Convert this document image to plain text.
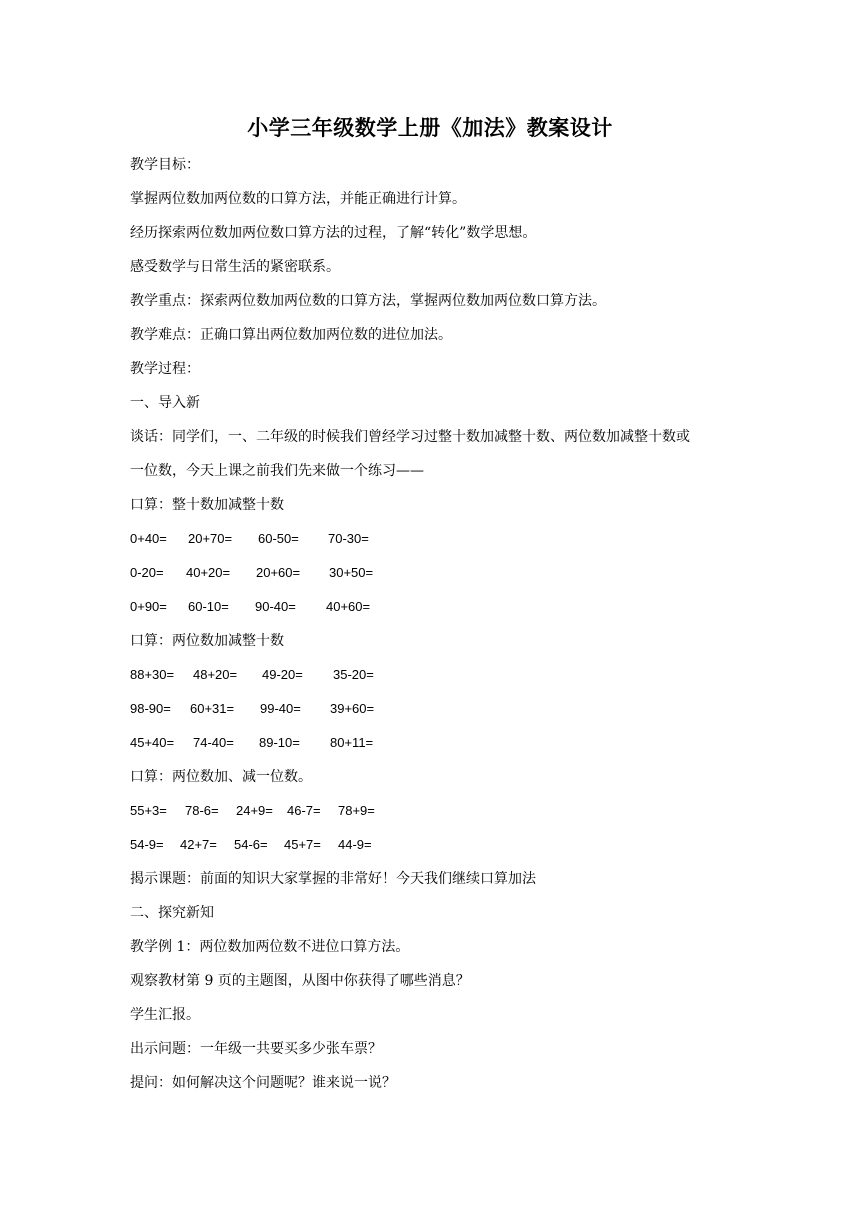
小学三年级数学上册《加法》教案设计
教学目标：
掌握两位数加两位数的口算方法，并能正确进行计算。
经历探索两位数加两位数口算方法的过程，了解“转化”数学思想。
感受数学与日常生活的紧密联系。
教学重点：探索两位数加两位数的口算方法，掌握两位数加两位数口算方法。
教学难点：正确口算出两位数加两位数的进位加法。
教学过程：
一、导入新
谈话：同学们，一、二年级的时候我们曾经学习过整十数加减整十数、两位数加减整十数或
一位数，今天上课之前我们先来做一个练习——
口算：整十数加减整十数
0+40= 20+70= 60-50= 70-30=
0-20= 40+20= 20+60= 30+50=
0+90= 60-10= 90-40= 40+60=
口算：两位数加减整十数
88+30= 48+20= 49-20= 35-20=
98-90= 60+31= 99-40= 39+60=
45+40= 74-40= 89-10= 80+11=
口算：两位数加、减一位数。
55+3= 78-6= 24+9= 46-7= 78+9=
54-9= 42+7= 54-6= 45+7= 44-9=
揭示课题：前面的知识大家掌握的非常好！今天我们继续口算加法
二、探究新知
教学例 1：两位数加两位数不进位口算方法。
观察教材第 9 页的主题图，从图中你获得了哪些消息？
学生汇报。
出示问题：一年级一共要买多少张车票？
提问：如何解决这个问题呢？谁来说一说？
